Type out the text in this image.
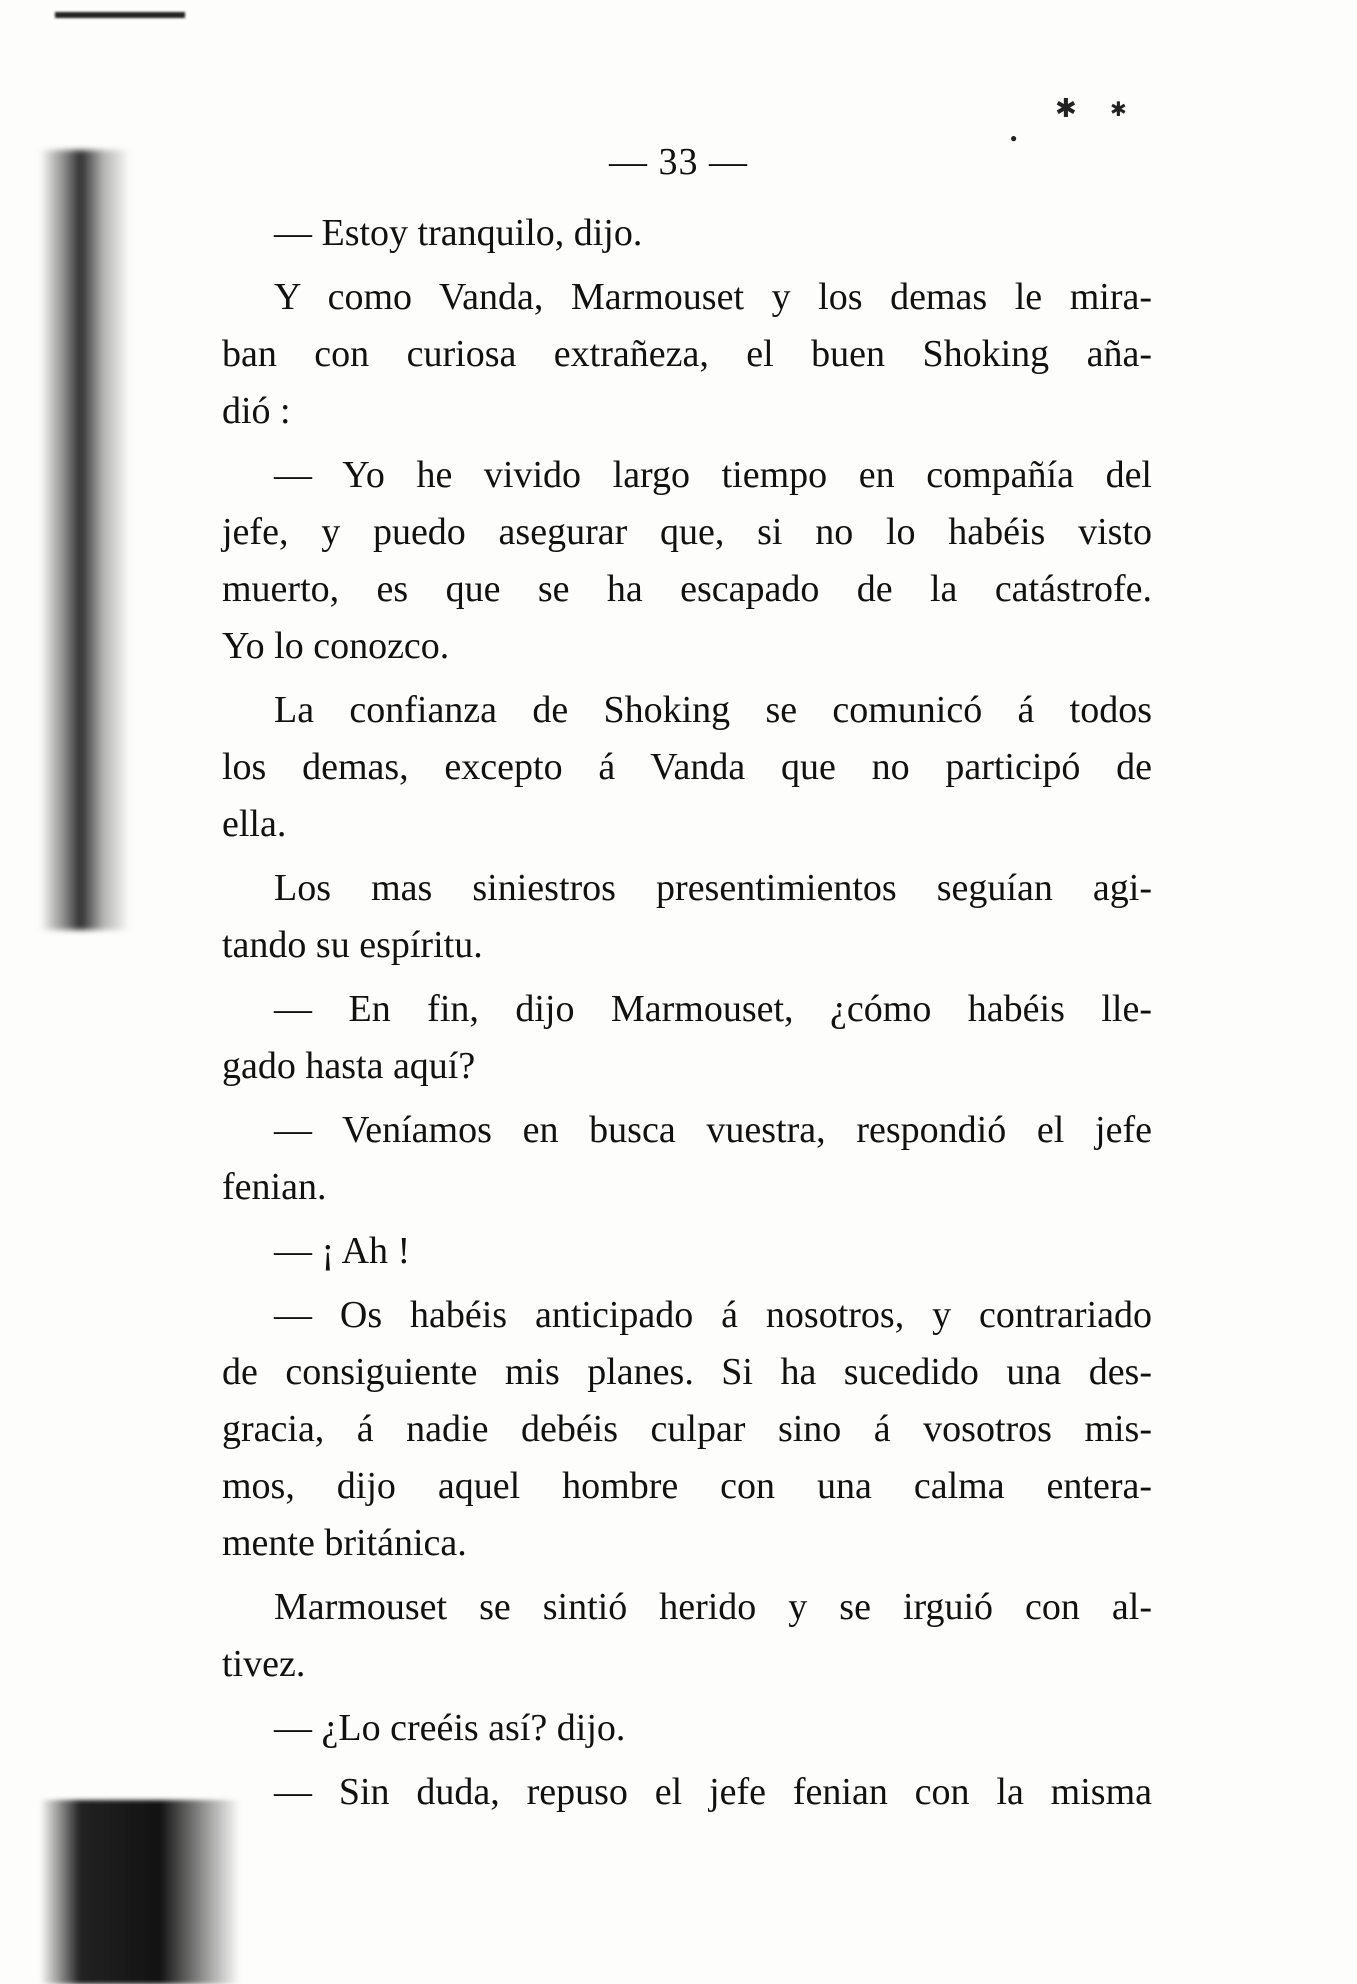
✱ ✱
●
— 33 —
— Estoy tranquilo, dijo.
Y como Vanda, Marmouset y los demas le mira-
ban con curiosa extrañeza, el buen Shoking aña-
dió :
— Yo he vivido largo tiempo en compañía del
jefe, y puedo asegurar que, si no lo habéis visto
muerto, es que se ha escapado de la catástrofe.
Yo lo conozco.
La confianza de Shoking se comunicó á todos
los demas, excepto á Vanda que no participó de
ella.
Los mas siniestros presentimientos seguían agi-
tando su espíritu.
— En fin, dijo Marmouset, ¿cómo habéis lle-
gado hasta aquí?
— Veníamos en busca vuestra, respondió el jefe
fenian.
— ¡ Ah !
— Os habéis anticipado á nosotros, y contrariado
de consiguiente mis planes. Si ha sucedido una des-
gracia, á nadie debéis culpar sino á vosotros mis-
mos, dijo aquel hombre con una calma entera-
mente británica.
Marmouset se sintió herido y se irguió con al-
tivez.
— ¿Lo creéis así? dijo.
— Sin duda, repuso el jefe fenian con la misma
